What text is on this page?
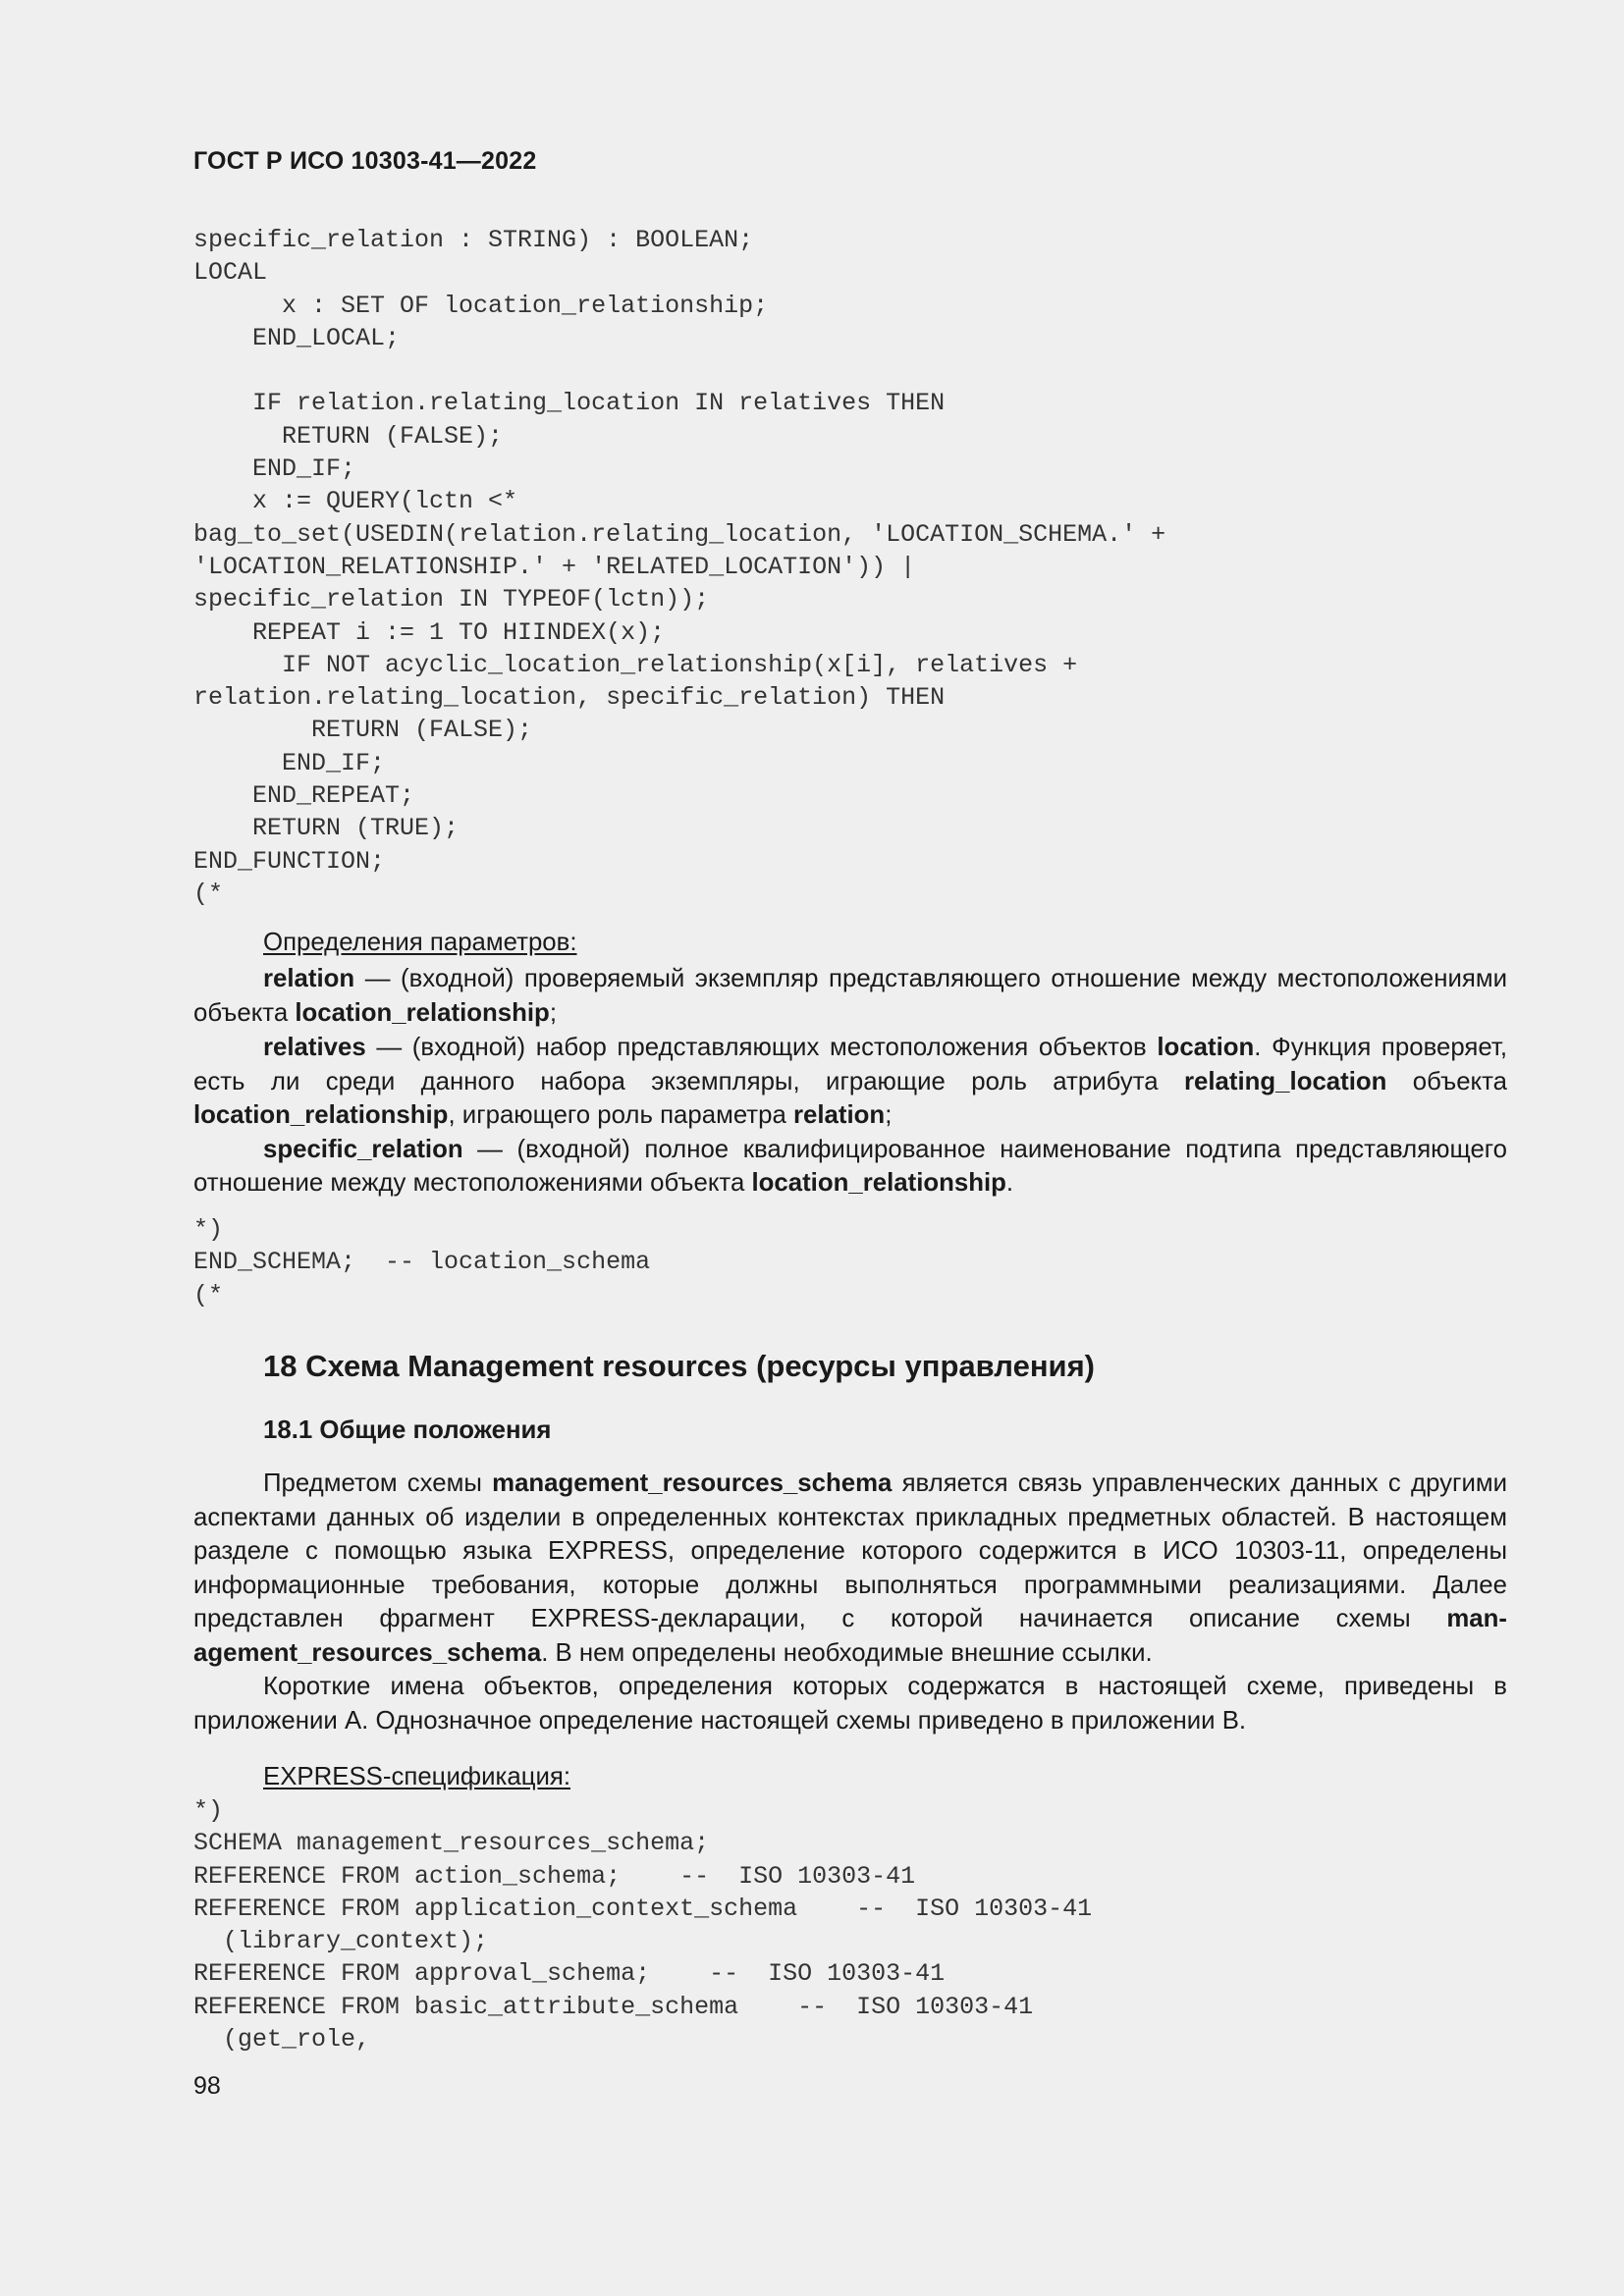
ГОСТ Р ИСО 10303-41—2022
specific_relation : STRING) : BOOLEAN;
LOCAL
x : SET OF location_relationship;
END_LOCAL;
IF relation.relating_location IN relatives THEN
RETURN (FALSE);
END_IF;
x := QUERY(lctn <*
bag_to_set(USEDIN(relation.relating_location, 'LOCATION_SCHEMA.' +
'LOCATION_RELATIONSHIP.' + 'RELATED_LOCATION')) |
specific_relation IN TYPEOF(lctn));
REPEAT i := 1 TO HIINDEX(x);
IF NOT acyclic_location_relationship(x[i], relatives +
relation.relating_location, specific_relation) THEN
RETURN (FALSE);
END_IF;
END_REPEAT;
RETURN (TRUE);
END_FUNCTION;
(*
Определения параметров:

relation — (входной) проверяемый экземпляр представляющего отношение между местоположениями объекта location_relationship;

relatives — (входной) набор представляющих местоположения объектов location. Функция проверяет, есть ли среди данного набора экземпляры, играющие роль атрибута relating_location объекта location_relationship, играющего роль параметра relation;

specific_relation — (входной) полное квалифицированное наименование подтипа представляющего отношение между местоположениями объекта location_relationship.

*)
END_SCHEMA;  -- location_schema
(*
18 Схема Management resources (ресурсы управления)
18.1 Общие положения

Предметом схемы management_resources_schema является связь управленческих данных с другими аспектами данных об изделии в определенных контекстах прикладных предметных областей. В настоящем разделе с помощью языка EXPRESS, определение которого содержится в ИСО 10303-11, определены информационные требования, которые должны выполняться программными реализациями. Далее представлен фрагмент EXPRESS-декларации, с которой начинается описание схемы management_resources_schema. В нем определены необходимые внешние ссылки.

Короткие имена объектов, определения которых содержатся в настоящей схеме, приведены в приложении А. Однозначное определение настоящей схемы приведено в приложении В.

EXPRESS-спецификация:
*)
SCHEMA management_resources_schema;
REFERENCE FROM action_schema;    --  ISO 10303-41
REFERENCE FROM application_context_schema    --  ISO 10303-41
(library_context);
REFERENCE FROM approval_schema;    --  ISO 10303-41
REFERENCE FROM basic_attribute_schema    --  ISO 10303-41
(get_role,
98
